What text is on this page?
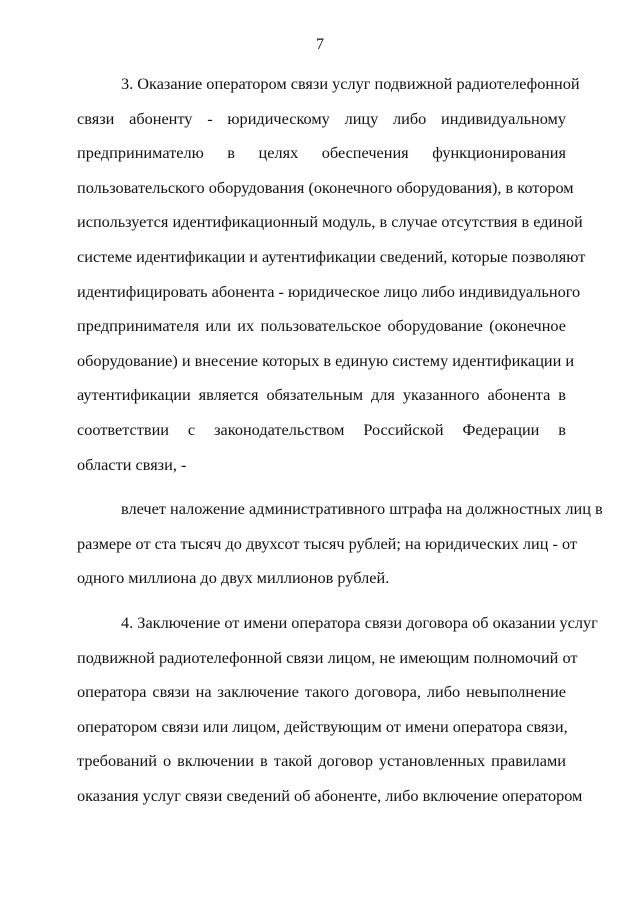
7
3. Оказание оператором связи услуг подвижной радиотелефонной
связи абоненту - юридическому лицу либо индивидуальному
предпринимателю в целях обеспечения функционирования
пользовательского оборудования (оконечного оборудования), в котором
используется идентификационный модуль, в случае отсутствия в единой
системе идентификации и аутентификации сведений, которые позволяют
идентифицировать абонента - юридическое лицо либо индивидуального
предпринимателя или их пользовательское оборудование (оконечное
оборудование) и внесение которых в единую систему идентификации и
аутентификации является обязательным для указанного абонента в
соответствии с законодательством Российской Федерации в
области связи, -
влечет наложение административного штрафа на должностных лиц в
размере от ста тысяч до двухсот тысяч рублей; на юридических лиц - от
одного миллиона до двух миллионов рублей.
4. Заключение от имени оператора связи договора об оказании услуг
подвижной радиотелефонной связи лицом, не имеющим полномочий от
оператора связи на заключение такого договора, либо невыполнение
оператором связи или лицом, действующим от имени оператора связи,
требований о включении в такой договор установленных правилами
оказания услуг связи сведений об абоненте, либо включение оператором
